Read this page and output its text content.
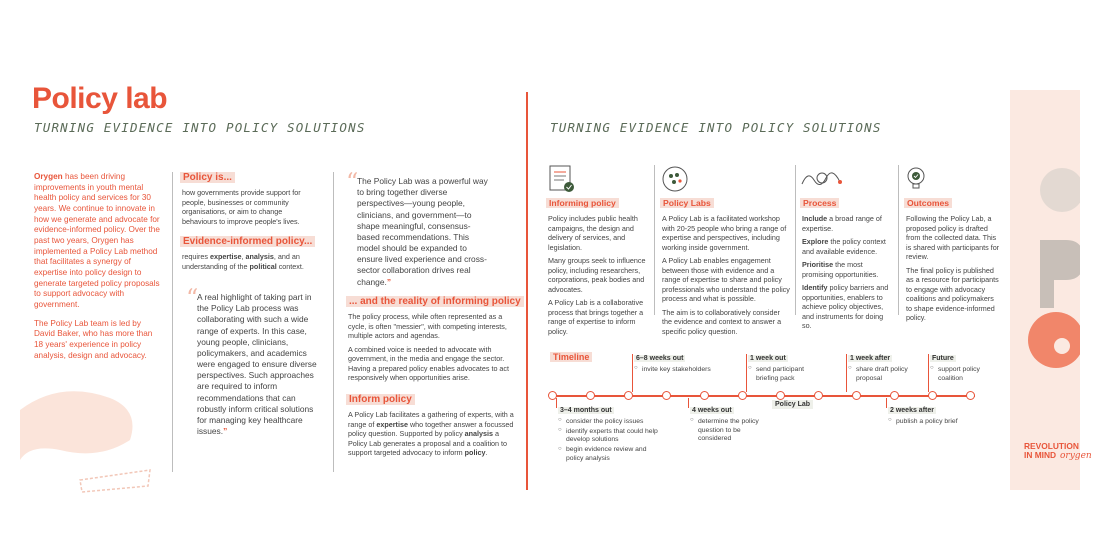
Policy lab
TURNING EVIDENCE INTO POLICY SOLUTIONS

Orygen has been driving improvements in youth mental health policy and services for 30 years. We continue to innovate in how we generate and advocate for evidence-informed policy. Over the past two years, Orygen has implemented a Policy Lab method that facilitates a synergy of expertise into policy design to generate targeted policy proposals to support advocacy with government.

The Policy Lab team is led by David Baker, who has more than 18 years' experience in policy analysis, design and advocacy.

Policy is...
how governments provide support for people, businesses or community organisations, or aim to change behaviours to improve people's lives.
Evidence-informed policy...
requires expertise, analysis, and an understanding of the political context.
“
A real highlight of taking part in the Policy Lab process was collaborating with such a wide range of experts. In this case, young people, clinicians, policymakers, and academics were engaged to ensure diverse perspectives. Such approaches are required to inform recommendations that can robustly inform critical solutions for managing key healthcare issues.”
“
The Policy Lab was a powerful way to bring together diverse perspectives—young people, clinicians, and government—to shape meaningful, consensus-based recommendations. This model should be expanded to ensure lived experience and cross-sector collaboration drives real change.”
... and the reality of informing policy

The policy process, while often represented as a cycle, is often "messier", with competing interests, multiple actors and agendas.

A combined voice is needed to advocate with government, in the media and engage the sector. Having a prepared policy enables advocates to act responsively when opportunities arise.

Inform policy
A Policy Lab facilitates a gathering of experts, with a range of expertise who together answer a focussed policy question. Supported by policy analysis a Policy Lab generates a proposal and a coalition to support targeted advocacy to inform policy.
TURNING EVIDENCE INTO POLICY SOLUTIONS
Informing policy

Policy includes public health campaigns, the design and delivery of services, and legislation.

Many groups seek to influence policy, including researchers, corporations, peak bodies and advocates.

A Policy Lab is a collaborative process that brings together a range of expertise to inform policy.

Policy Labs

A Policy Lab is a facilitated workshop with 20-25 people who bring a range of expertise and perspectives, including working inside government.

A Policy Lab enables engagement between those with evidence and a range of expertise to share and policy professionals who understand the policy process and what is possible.

The aim is to collaboratively consider the evidence and context to answer a specific policy question.

Process

Include a broad range of expertise.

Explore the policy context and available evidence.

Prioritise the most promising opportunities.

Identify policy barriers and opportunities, enablers to achieve policy objectives, and instruments for doing so.

Outcomes

Following the Policy Lab, a proposed policy is drafted from the collected data. This is shared with participants for review.

The final policy is published as a resource for participants to engage with advocacy coalitions and policymakers to shape evidence-informed policy.

Timeline
3–4 months out
○ consider the policy issues
○ identify experts that could help develop solutions
○ begin evidence review and policy analysis
6–8 weeks out
○ invite key stakeholders
4 weeks out
○ determine the policy question to be considered
1 week out
○ send participant briefing pack
Policy Lab
1 week after
○ share draft policy proposal
2 weeks after
○ publish a policy brief
Future
○ support policy coalition
REVOLUTION
IN MIND orygen
